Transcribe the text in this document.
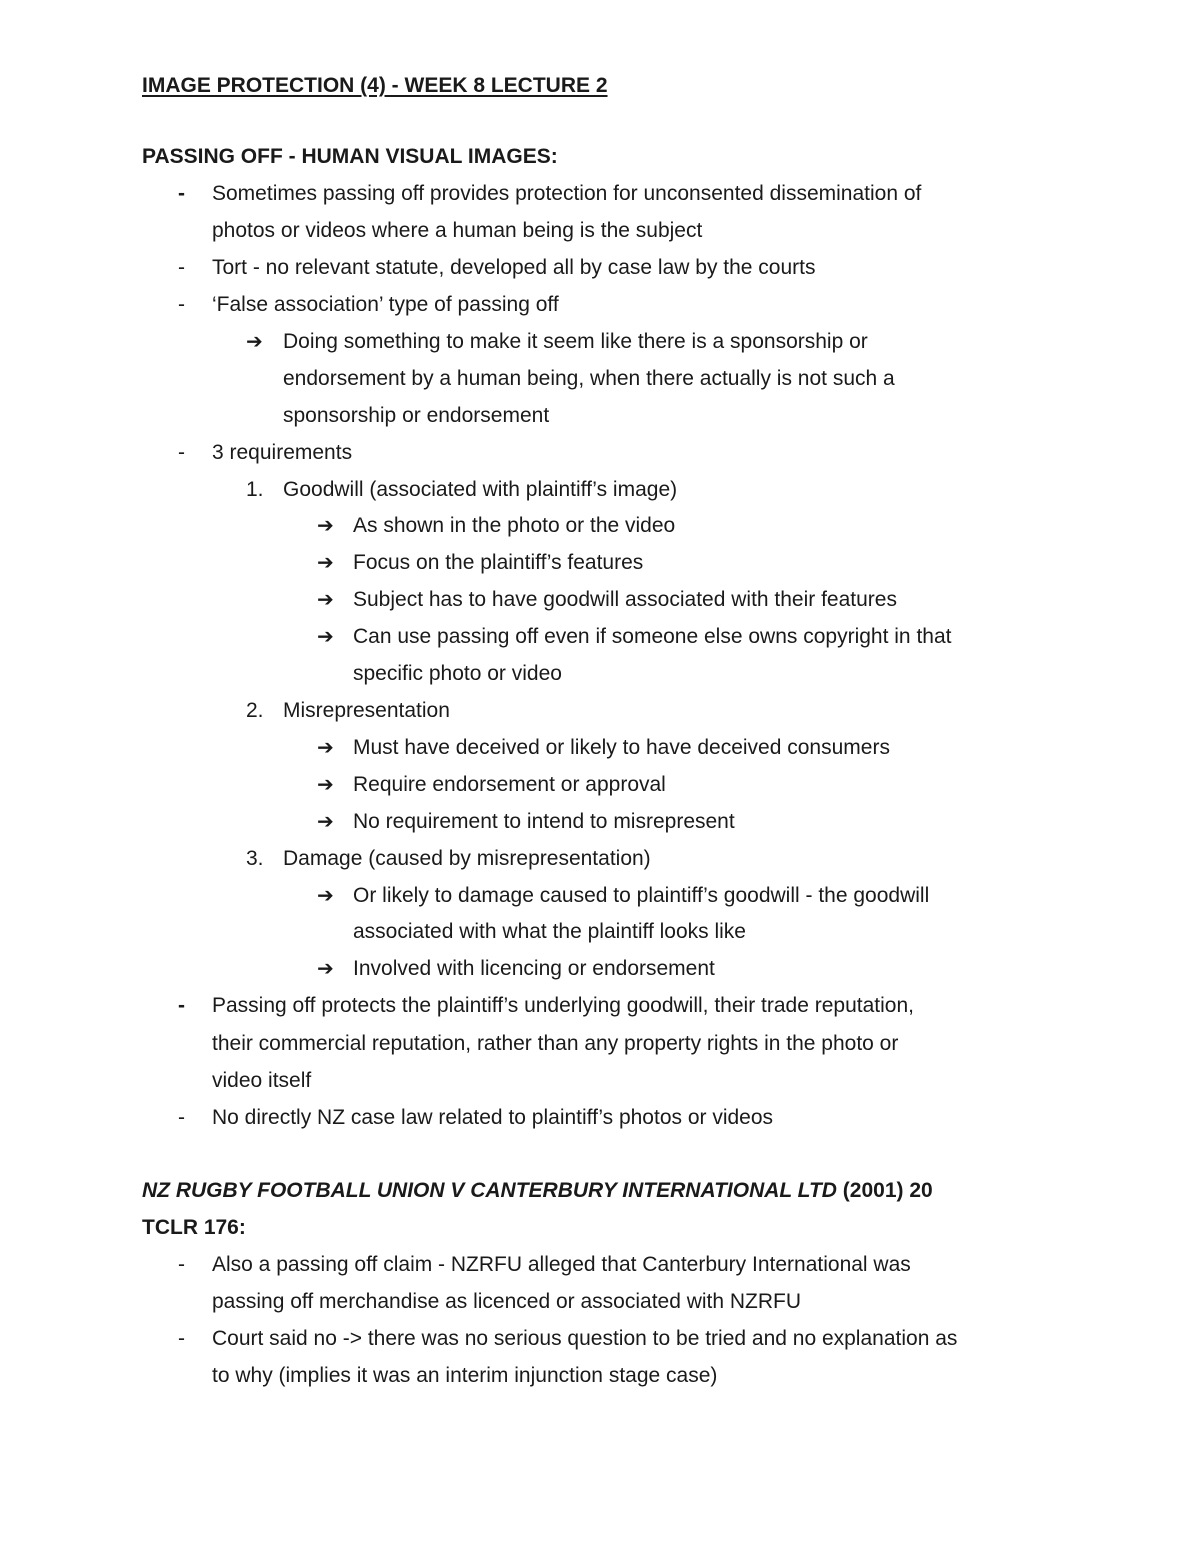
IMAGE PROTECTION (4) - WEEK 8 LECTURE 2
PASSING OFF - HUMAN VISUAL IMAGES:
- Sometimes passing off provides protection for unconsented dissemination of
photos or videos where a human being is the subject
- Tort - no relevant statute, developed all by case law by the courts
- ‘False association’ type of passing off
➔ Doing something to make it seem like there is a sponsorship or
endorsement by a human being, when there actually is not such a
sponsorship or endorsement
- 3 requirements
1. Goodwill (associated with plaintiff’s image)
➔ As shown in the photo or the video
➔ Focus on the plaintiff’s features
➔ Subject has to have goodwill associated with their features
➔ Can use passing off even if someone else owns copyright in that
specific photo or video
2. Misrepresentation
➔ Must have deceived or likely to have deceived consumers
➔ Require endorsement or approval
➔ No requirement to intend to misrepresent
3. Damage (caused by misrepresentation)
➔ Or likely to damage caused to plaintiff’s goodwill - the goodwill
associated with what the plaintiff looks like
➔ Involved with licencing or endorsement
- Passing off protects the plaintiff’s underlying goodwill, their trade reputation,
their commercial reputation, rather than any property rights in the photo or
video itself
- No directly NZ case law related to plaintiff’s photos or videos
NZ RUGBY FOOTBALL UNION V CANTERBURY INTERNATIONAL LTD (2001) 20
TCLR 176:
- Also a passing off claim - NZRFU alleged that Canterbury International was
passing off merchandise as licenced or associated with NZRFU
- Court said no -> there was no serious question to be tried and no explanation as
to why (implies it was an interim injunction stage case)
